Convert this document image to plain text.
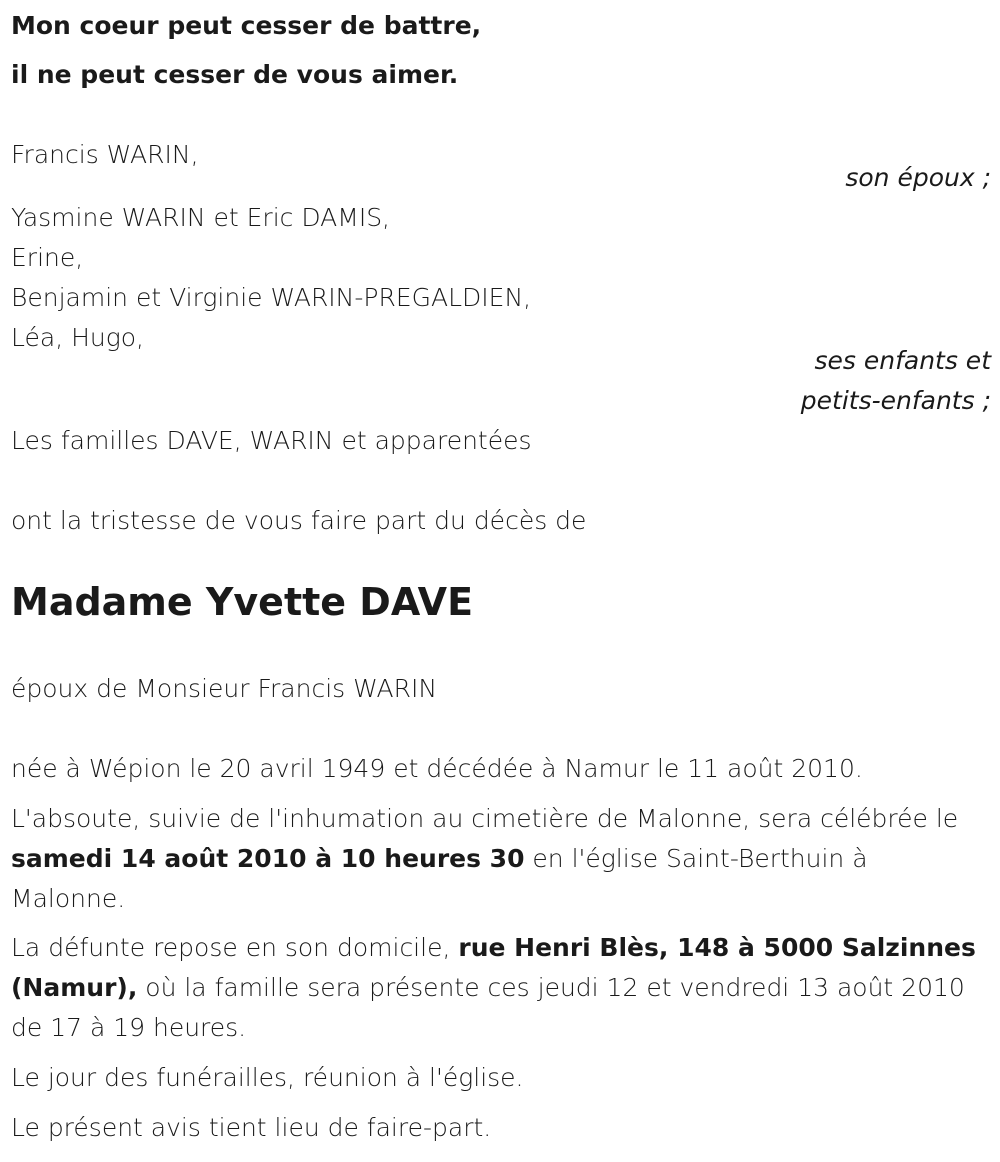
Mon coeur peut cesser de battre,
il ne peut cesser de vous aimer.
Francis WARIN,
son époux ;
Yasmine WARIN et Eric DAMIS,
Erine,
Benjamin et Virginie WARIN-PREGALDIEN,
Léa, Hugo,
ses enfants et
petits-enfants ;
Les familles DAVE, WARIN et apparentées
ont la tristesse de vous faire part du décès de
Madame Yvette DAVE
époux de Monsieur Francis WARIN
née à Wépion le 20 avril 1949 et décédée à Namur le 11 août 2010.
L'absoute, suivie de l'inhumation au cimetière de Malonne, sera célébrée le samedi 14 août 2010 à 10 heures 30 en l'église Saint-Berthuin à Malonne.
La défunte repose en son domicile, rue Henri Blès, 148 à 5000 Salzinnes (Namur), où la famille sera présente ces jeudi 12 et vendredi 13 août 2010 de 17 à 19 heures.
Le jour des funérailles, réunion à l'église.
Le présent avis tient lieu de faire-part.
